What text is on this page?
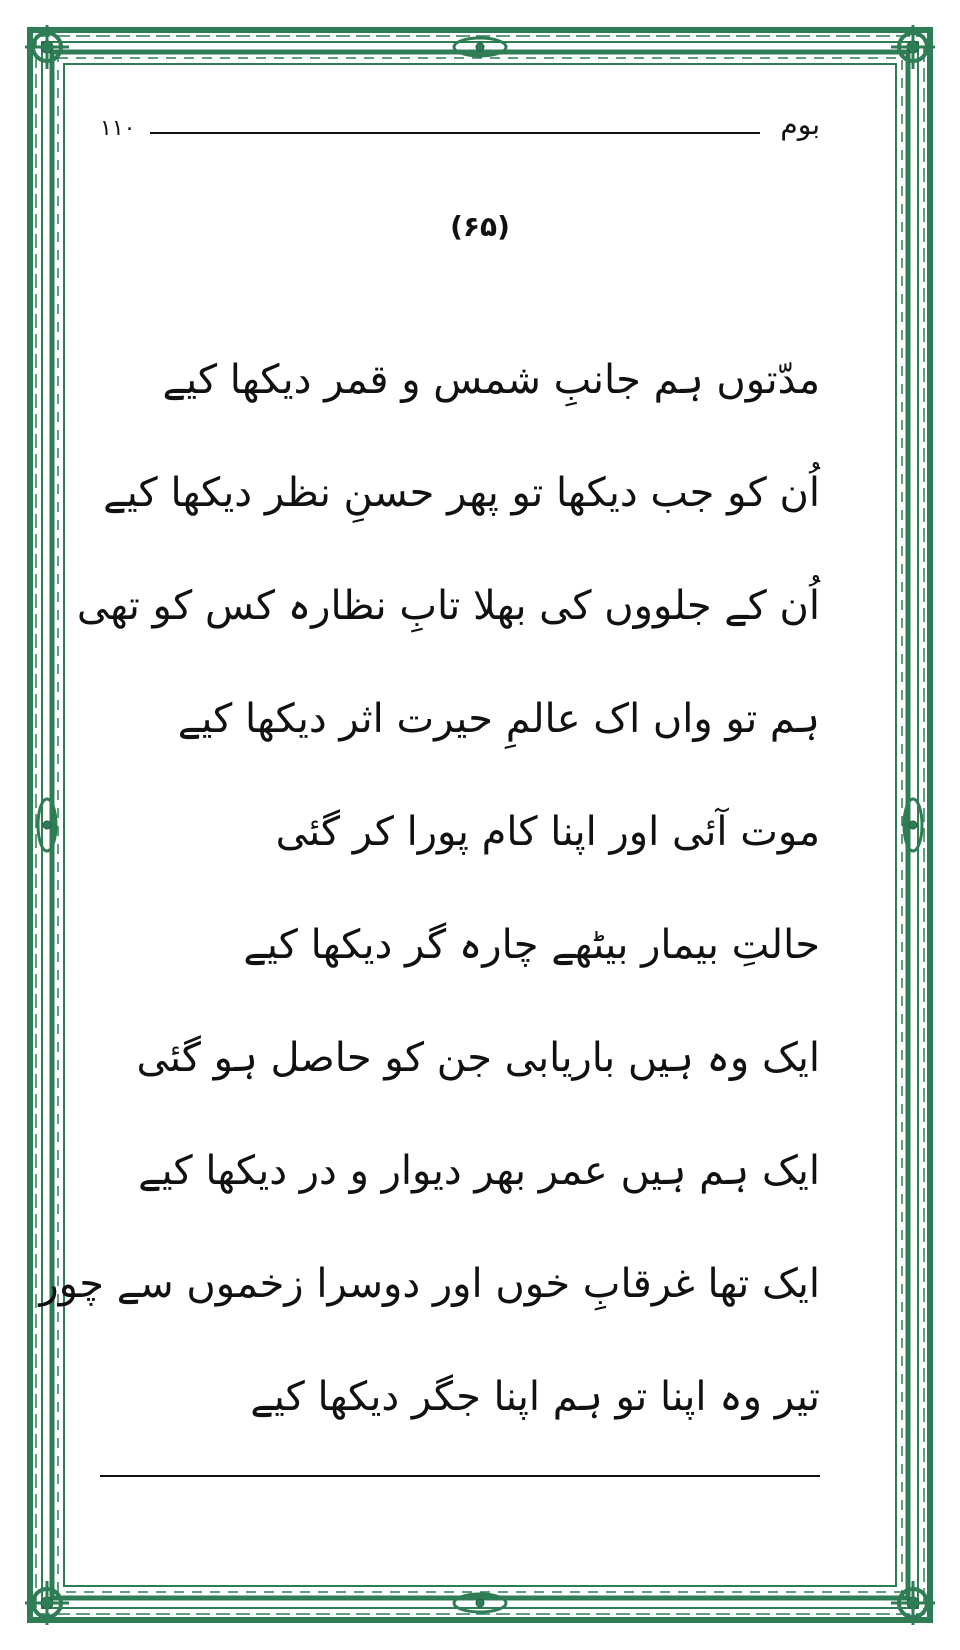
۱۱۰	بوم
(۶۵)
مدّتوں ہم جانبِ شمس و قمر دیکھا کیے
اُن کو جب دیکھا تو پھر حسنِ نظر دیکھا کیے
اُن کے جلووں کی بھلا تابِ نظارہ کس کو تھی
ہم تو واں اک عالمِ حیرت اثر دیکھا کیے
موت آئی اور اپنا کام پورا کر گئی
حالتِ بیمار بیٹھے چارہ گر دیکھا کیے
ایک وہ ہیں باریابی جن کو حاصل ہو گئی
ایک ہم ہیں عمر بھر دیوار و در دیکھا کیے
ایک تھا غرقابِ خوں اور دوسرا زخموں سے چور
تیر وہ اپنا تو ہم اپنا جگر دیکھا کیے
